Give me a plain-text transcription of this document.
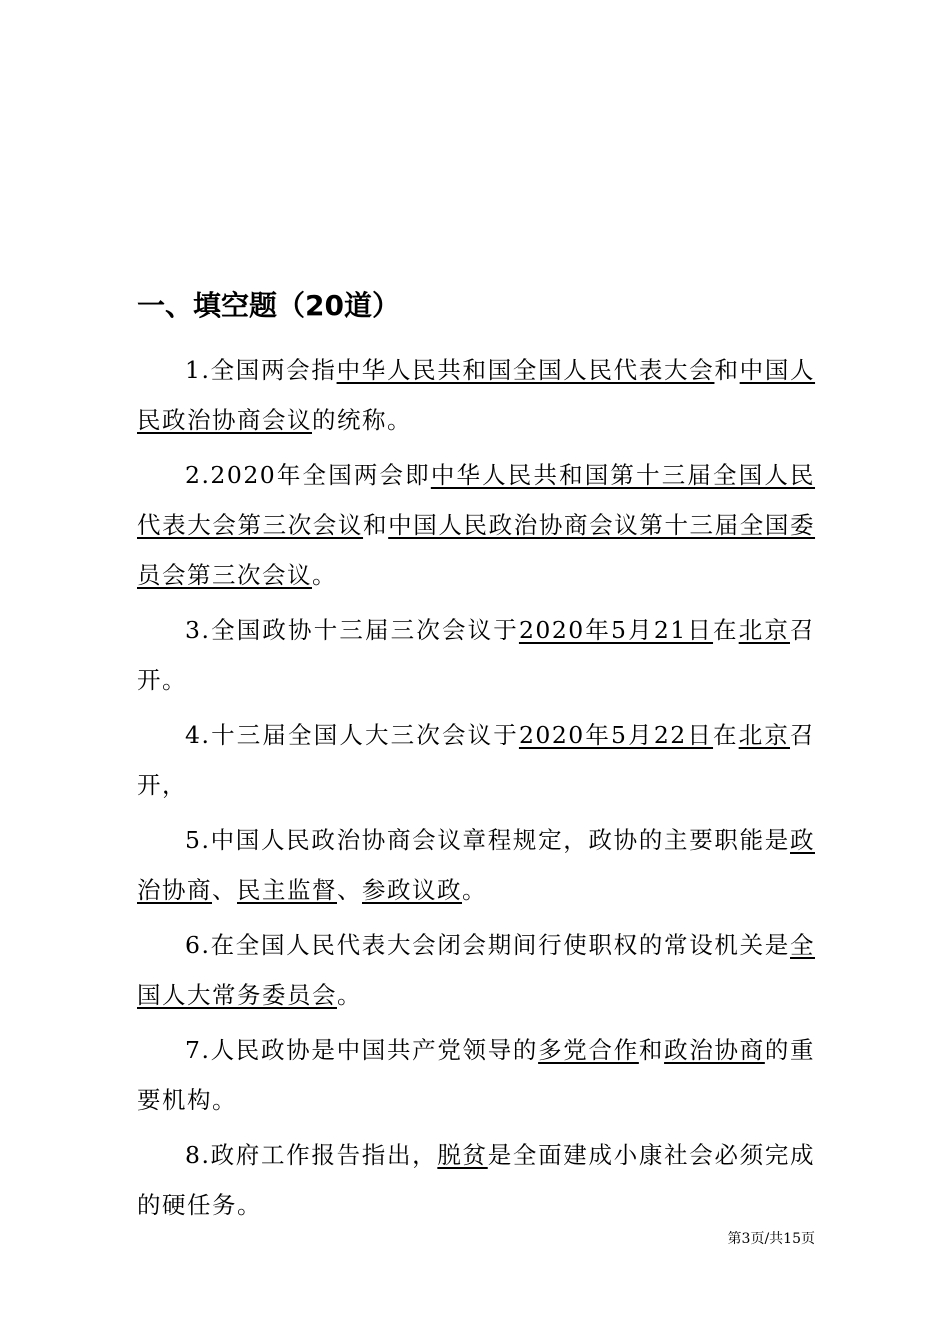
一、填空题（20道）

1.全国两会指中华人民共和国全国人民代表大会和中国人民政治协商会议的统称。

2.2020年全国两会即中华人民共和国第十三届全国人民代表大会第三次会议和中国人民政治协商会议第十三届全国委员会第三次会议。

3.全国政协十三届三次会议于2020年5月21日在北京召开。

4.十三届全国人大三次会议于2020年5月22日在北京召开，

5.中国人民政治协商会议章程规定，政协的主要职能是政治协商、民主监督、参政议政。

6.在全国人民代表大会闭会期间行使职权的常设机关是全国人大常务委员会。

7.人民政协是中国共产党领导的多党合作和政治协商的重要机构。

8.政府工作报告指出，脱贫是全面建成小康社会必须完成的硬任务。

第3页/共15页
